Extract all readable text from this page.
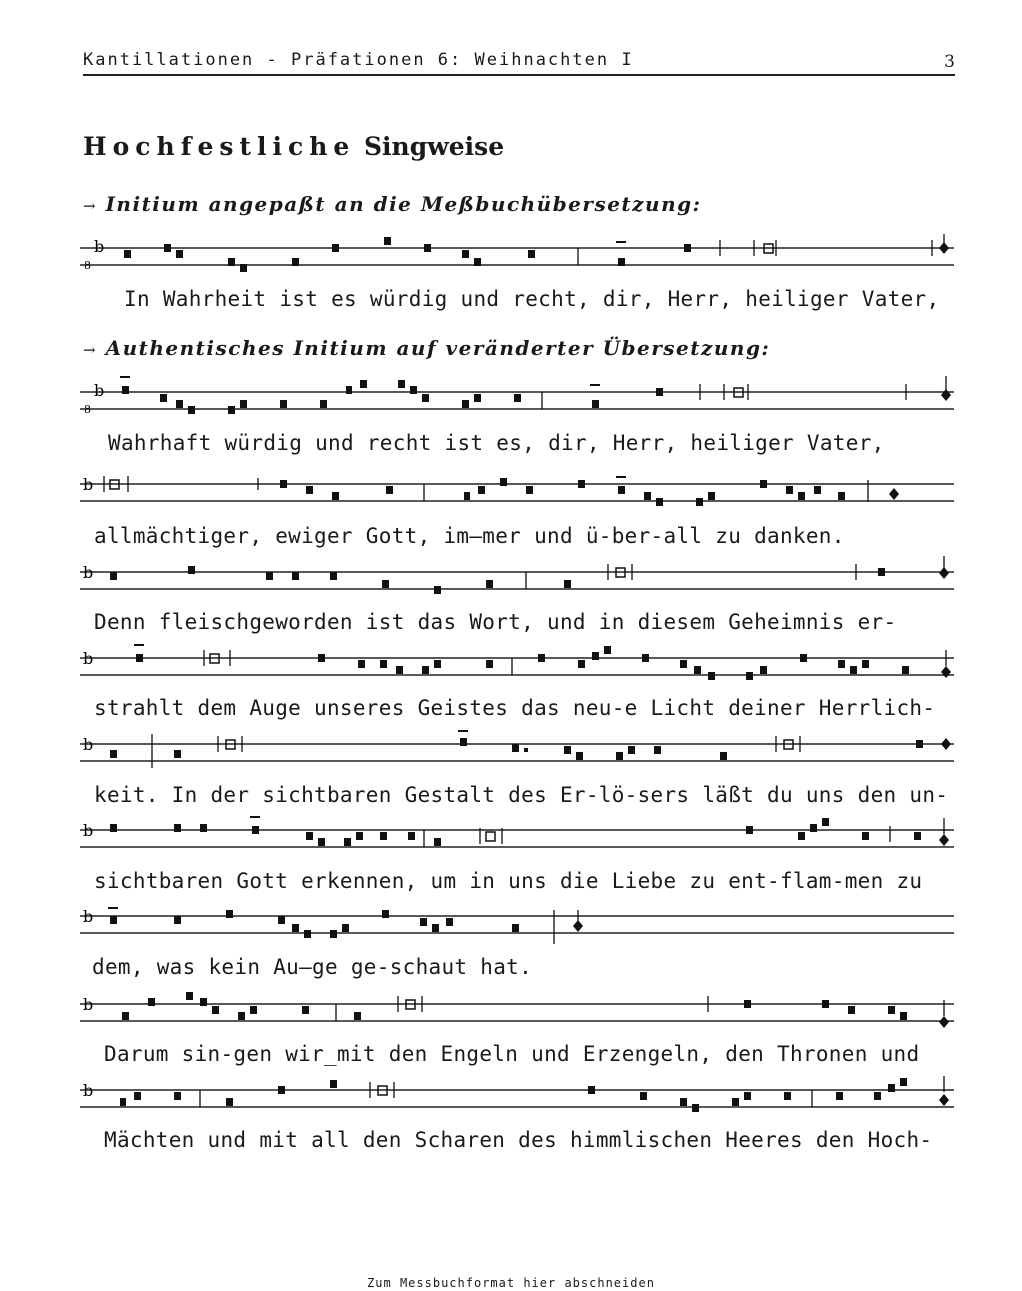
Kantillationen - Präfationen 6: Weihnachten I	3
Hochfestliche Singweise
→ Initium angepaßt an die Meßbuchübersetzung:
→ Authentisches Initium auf veränderter Übersetzung:
b
8
In Wahrheit ist es würdig und recht, dir, Herr, heiliger Vater,
b
8
Wahrhaft würdig und recht ist es, dir, Herr, heiliger Vater,
b
allmächtiger, ewiger Gott, im—mer und ü-ber-all zu danken.
b
Denn fleischgeworden ist das Wort, und in diesem Geheimnis er-
b
strahlt dem Auge unseres Geistes das neu-e Licht deiner Herrlich-
b
keit. In der sichtbaren Gestalt des Er-lö-sers läßt du uns den un-
b
sichtbaren Gott erkennen, um in uns die Liebe zu ent-flam-men zu
b
dem, was kein Au—ge ge-schaut hat.
b
Darum sin-gen wir_mit den Engeln und Erzengeln, den Thronen und
b
Mächten und mit all den Scharen des himmlischen Heeres den Hoch-
Zum Messbuchformat hier abschneiden
